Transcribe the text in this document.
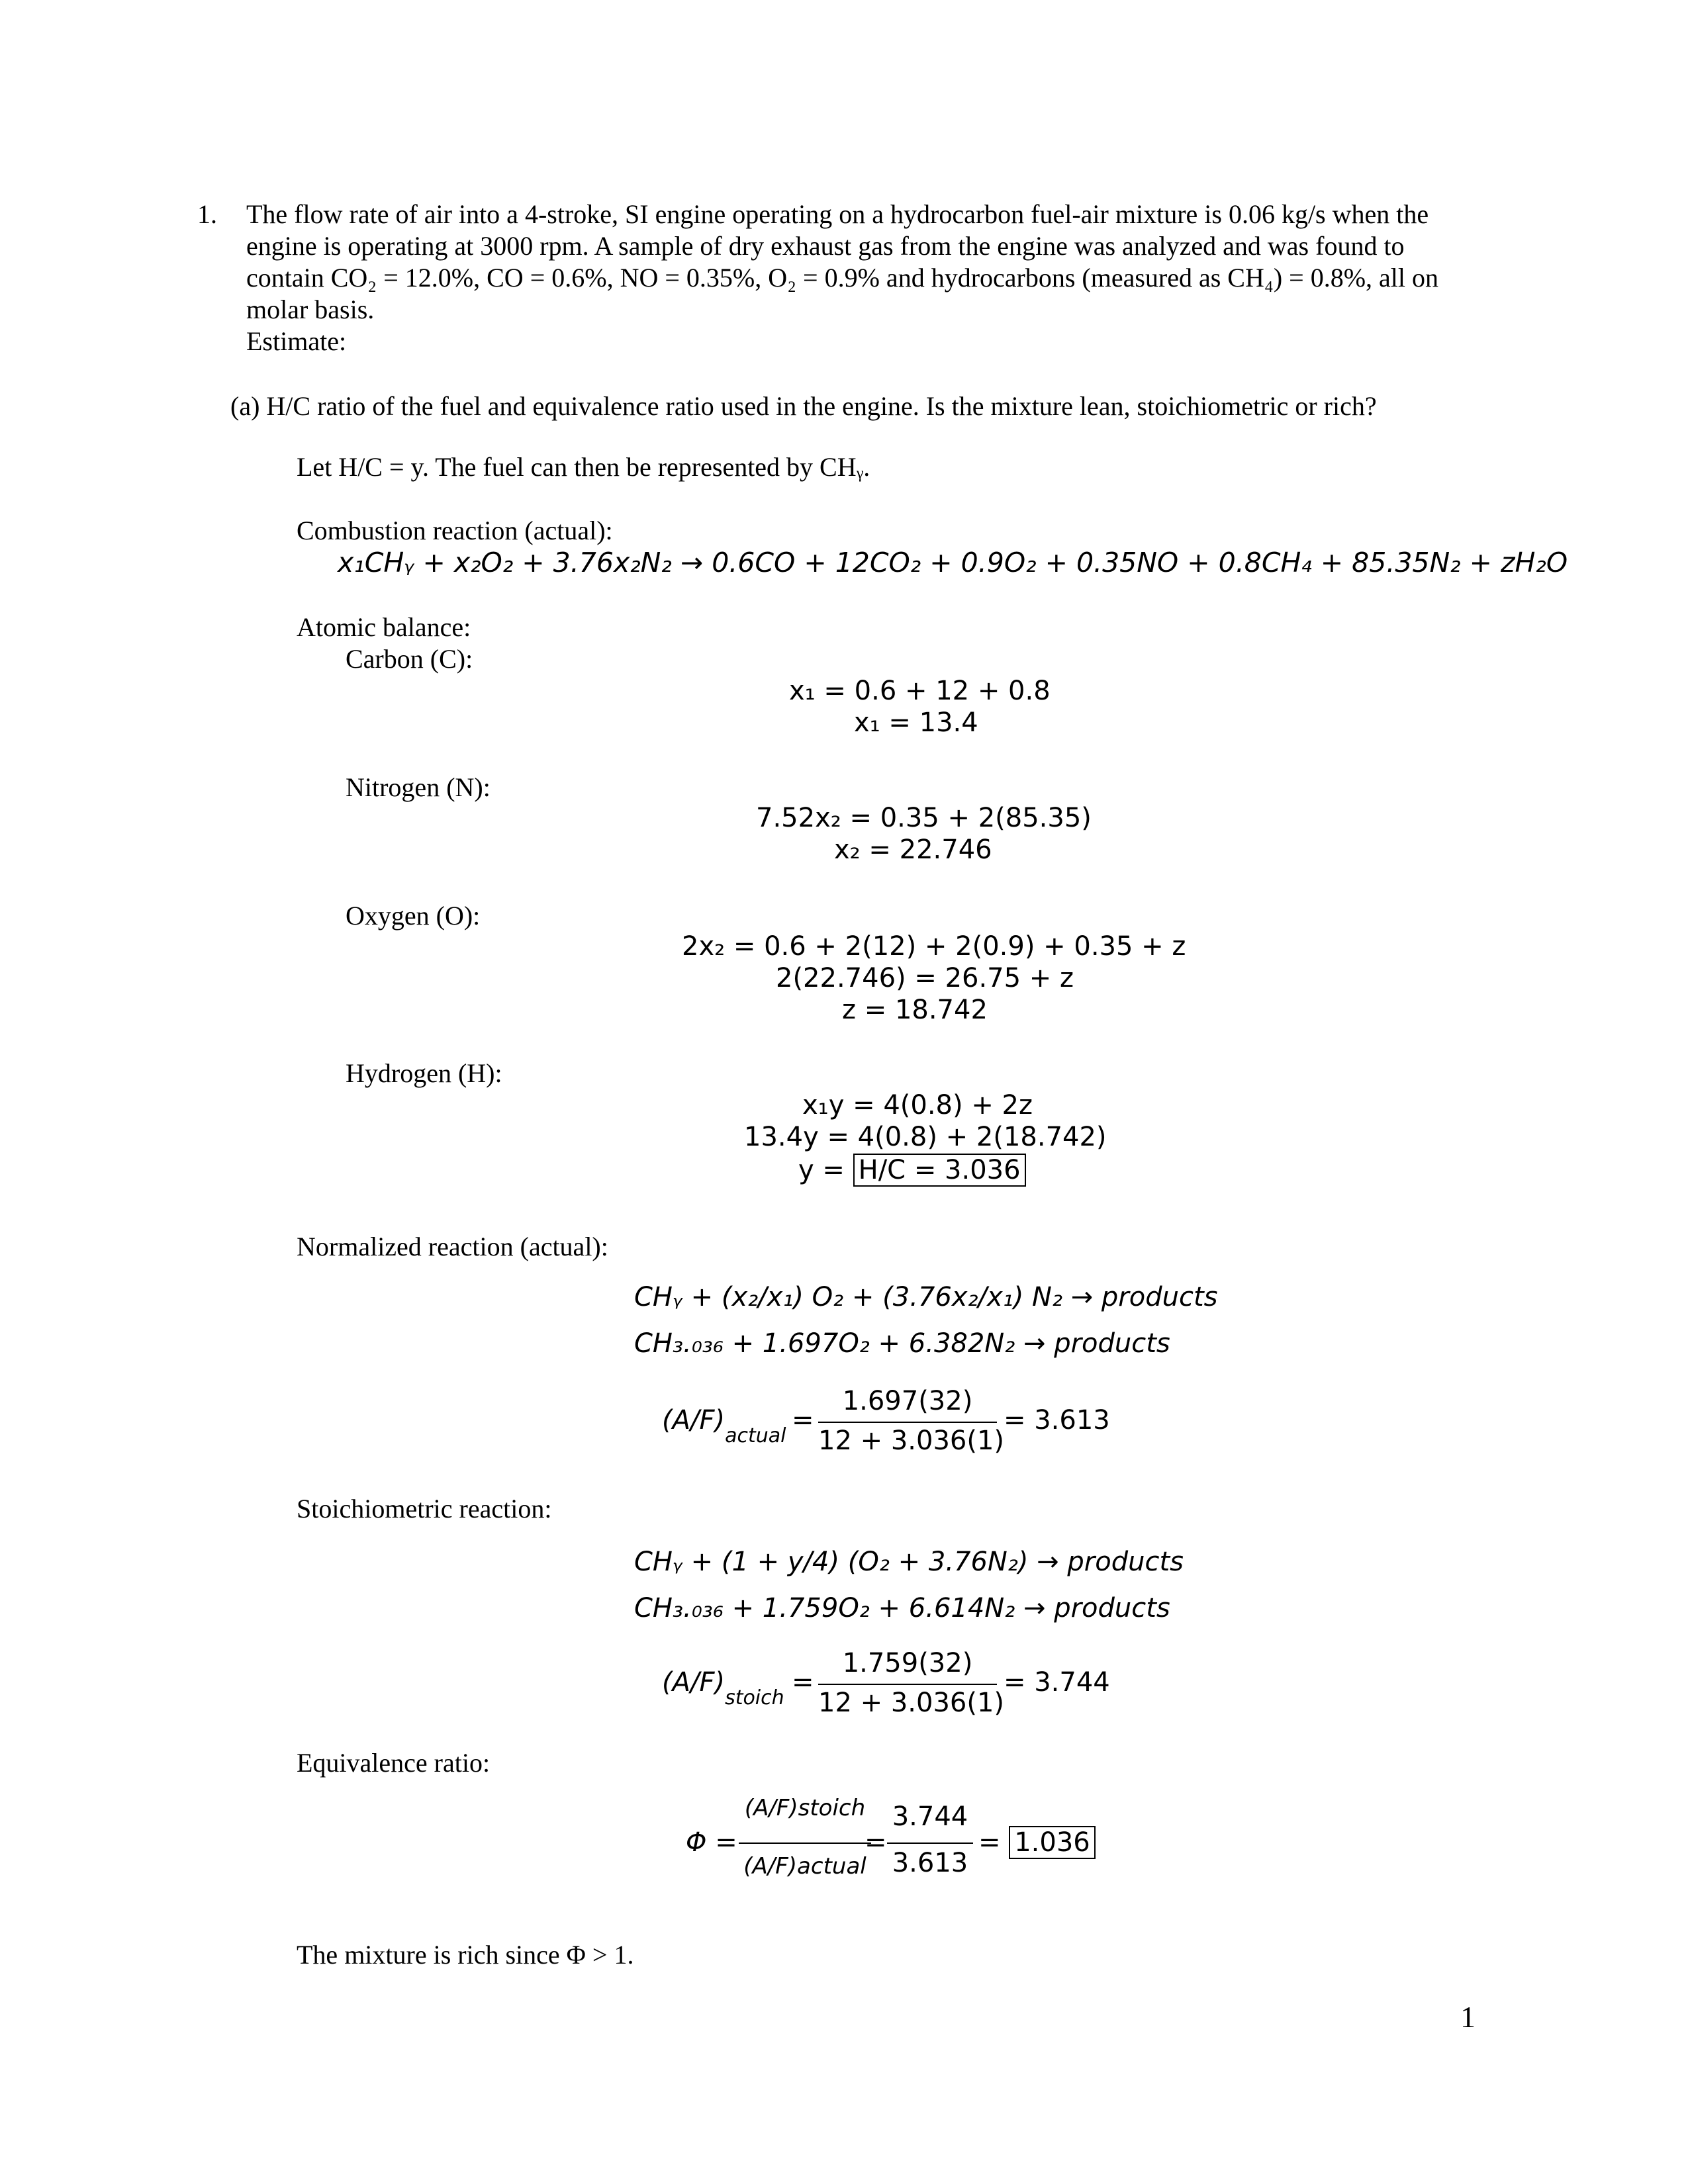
1. The flow rate of air into a 4-stroke, SI engine operating on a hydrocarbon fuel-air mixture is 0.06 kg/s when the
engine is operating at 3000 rpm. A sample of dry exhaust gas from the engine was analyzed and was found to
contain CO₂ = 12.0%, CO = 0.6%, NO = 0.35%, O₂ = 0.9% and hydrocarbons (measured as CH₄) = 0.8%, all on
molar basis.
Estimate:
(a) H/C ratio of the fuel and equivalence ratio used in the engine. Is the mixture lean, stoichiometric or rich?
Let H/C = y. The fuel can then be represented by CHᵧ.
Combustion reaction (actual):
x₁CHᵧ + x₂O₂ + 3.76x₂N₂ → 0.6CO + 12CO₂ + 0.9O₂ + 0.35NO + 0.8CH₄ + 85.35N₂ + zH₂O
Atomic balance:
Carbon (C):
x₁ = 0.6 + 12 + 0.8
x₁ = 13.4
Nitrogen (N):
7.52x₂ = 0.35 + 2(85.35)
x₂ = 22.746
Oxygen (O):
2x₂ = 0.6 + 2(12) + 2(0.9) + 0.35 + z
2(22.746) = 26.75 + z
z = 18.742
Hydrogen (H):
x₁y = 4(0.8) + 2z
13.4y = 4(0.8) + 2(18.742)
y = H/C = 3.036
Normalized reaction (actual):
CHᵧ + (x₂/x₁) O₂ + (3.76x₂/x₁) N₂ → products
CH₃.₀₃₆ + 1.697O₂ + 6.382N₂ → products
$(A/F)_{actual}$
=
1.697(32)
12 + 3.036(1)
= 3.613
Stoichiometric reaction:
CHᵧ + (1 + y/4) (O₂ + 3.76N₂) → products
CH₃.₀₃₆ + 1.759O₂ + 6.614N₂ → products
$(A/F)_{stoich}$
=
1.759(32)
12 + 3.036(1)
= 3.744
Equivalence ratio:
Φ =
(A/F)stoich
(A/F)actual
=
3.744
3.613
= 1.036
The mixture is rich since Φ > 1.
1
